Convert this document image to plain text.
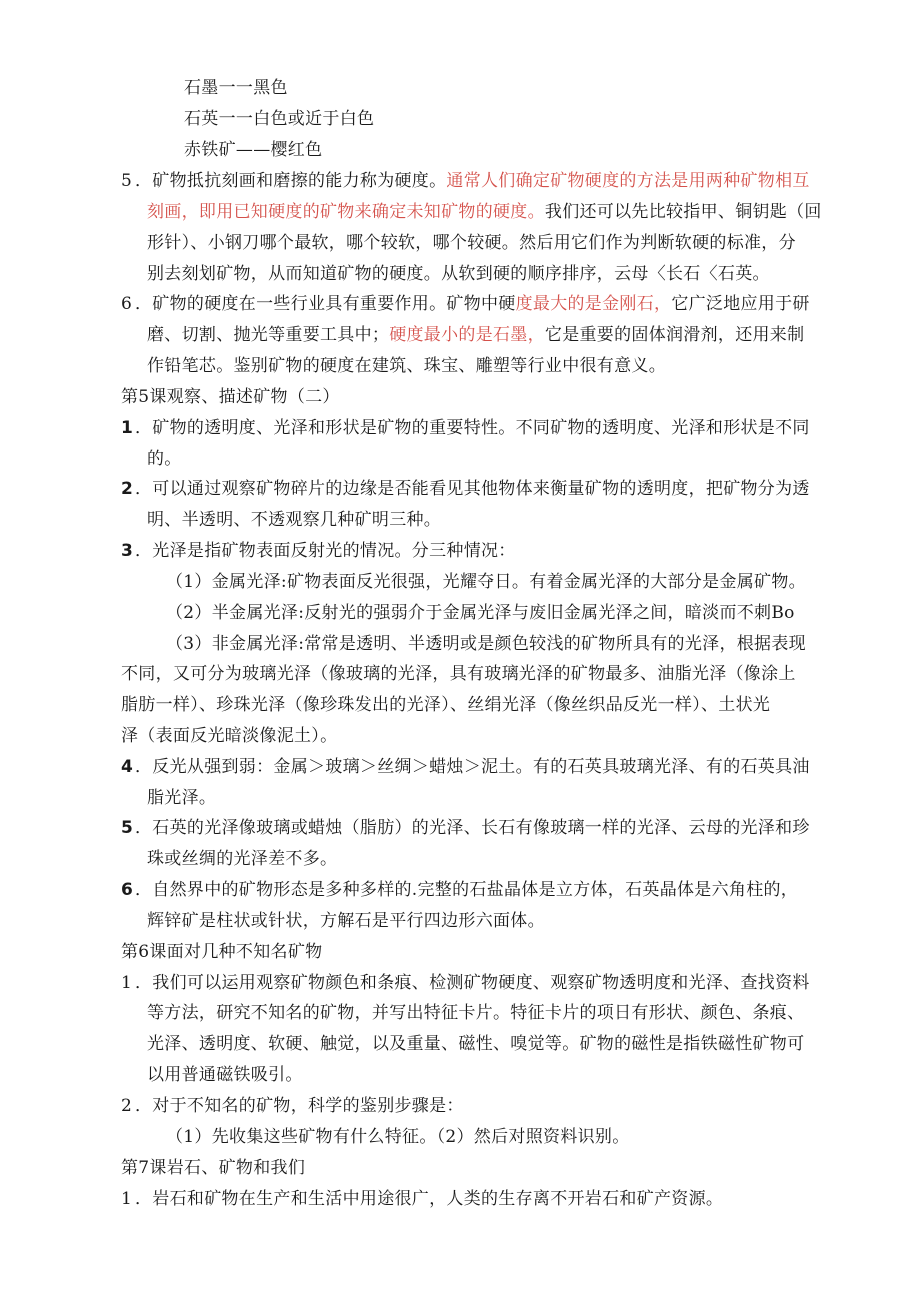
石墨一一黑色
石英一一白色或近于白色
赤铁矿——樱红色
5 ．矿物抵抗刻画和磨擦的能力称为硬度。通常人们确定矿物硬度的方法是用两种矿物相互
刻画，即用已知硬度的矿物来确定未知矿物的硬度。我们还可以先比较指甲、铜钥匙（回
形针）、小钢刀哪个最软，哪个较软，哪个较硬。然后用它们作为判断软硬的标准，分
别去刻划矿物，从而知道矿物的硬度。从软到硬的顺序排序，云母〈长石〈石英。
6 ．矿物的硬度在一些行业具有重要作用。矿物中硬度最大的是金刚石，它广泛地应用于研
磨、切割、抛光等重要工具中；硬度最小的是石墨，它是重要的固体润滑剂，还用来制
作铅笔芯。鉴别矿物的硬度在建筑、珠宝、雕塑等行业中很有意义。
第5课观察、描述矿物（二）
1 ．矿物的透明度、光泽和形状是矿物的重要特性。不同矿物的透明度、光泽和形状是不同
的。
2 ．可以通过观察矿物碎片的边缘是否能看见其他物体来衡量矿物的透明度，把矿物分为透
明、半透明、不透观察几种矿明三种。
3 ．光泽是指矿物表面反射光的情况。分三种情况：
（1）金属光泽:矿物表面反光很强，光耀夺日。有着金属光泽的大部分是金属矿物。
（2）半金属光泽:反射光的强弱介于金属光泽与废旧金属光泽之间，暗淡而不刺Bo
（3）非金属光泽:常常是透明、半透明或是颜色较浅的矿物所具有的光泽，根据表现
不同，又可分为玻璃光泽（像玻璃的光泽，具有玻璃光泽的矿物最多、油脂光泽（像涂上
脂肪一样）、珍珠光泽（像珍珠发出的光泽）、丝绢光泽（像丝织品反光一样）、土状光
泽（表面反光暗淡像泥土）。
4 ．反光从强到弱：金属＞玻璃＞丝绸＞蜡烛＞泥土。有的石英具玻璃光泽、有的石英具油
脂光泽。
5 ．石英的光泽像玻璃或蜡烛（脂肪）的光泽、长石有像玻璃一样的光泽、云母的光泽和珍
珠或丝绸的光泽差不多。
6 ．自然界中的矿物形态是多种多样的.完整的石盐晶体是立方体，石英晶体是六角柱的，
辉锌矿是柱状或针状，方解石是平行四边形六面体。
第6课面对几种不知名矿物
1 ．我们可以运用观察矿物颜色和条痕、检测矿物硬度、观察矿物透明度和光泽、查找资料
等方法，研究不知名的矿物，并写出特征卡片。特征卡片的项日有形状、颜色、条痕、
光泽、透明度、软硬、触觉，以及重量、磁性、嗅觉等。矿物的磁性是指铁磁性矿物可
以用普通磁铁吸引。
2 ．对于不知名的矿物，科学的鉴别步骤是：
（1）先收集这些矿物有什么特征。（2）然后对照资料识别。
第7课岩石、矿物和我们
1 ．岩石和矿物在生产和生活中用途很广，人类的生存离不开岩石和矿产资源。
